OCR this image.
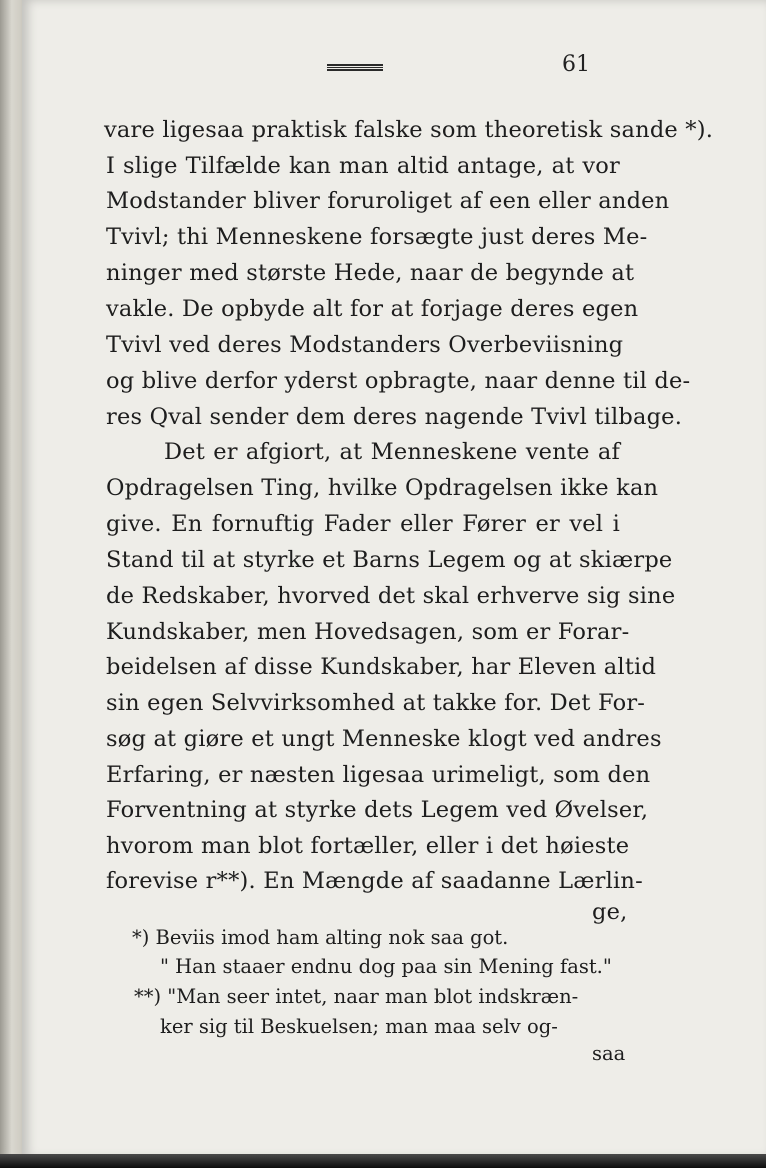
61
vare ligesaa praktisk falske som theoretisk sande *).
I slige Tilfælde kan man altid antage, at vor
Modstander bliver foruroliget af een eller anden
Tvivl; thi Menneskene forsægte just deres Me-
ninger med største Hede, naar de begynde at
vakle. De opbyde alt for at forjage deres egen
Tvivl ved deres Modstanders Overbeviisning
og blive derfor yderst opbragte, naar denne til de-
res Qval sender dem deres nagende Tvivl tilbage.
Det er afgiort, at Menneskene vente af
Opdragelsen Ting, hvilke Opdragelsen ikke kan
give. En fornuftig Fader eller Fører er vel i
Stand til at styrke et Barns Legem og at skiærpe
de Redskaber, hvorved det skal erhverve sig sine
Kundskaber, men Hovedsagen, som er Forar-
beidelsen af disse Kundskaber, har Eleven altid
sin egen Selvvirksomhed at takke for. Det For-
søg at giøre et ungt Menneske klogt ved andres
Erfaring, er næsten ligesaa urimeligt, som den
Forventning at styrke dets Legem ved Øvelser,
hvorom man blot fortæller, eller i det høieste
forevise r**). En Mængde af saadanne Lærlin-
ge,
*) Beviis imod ham alting nok saa got.
" Han staaer endnu dog paa sin Mening fast."
**) "Man seer intet, naar man blot indskræn-
ker sig til Beskuelsen; man maa selv og-
saa
